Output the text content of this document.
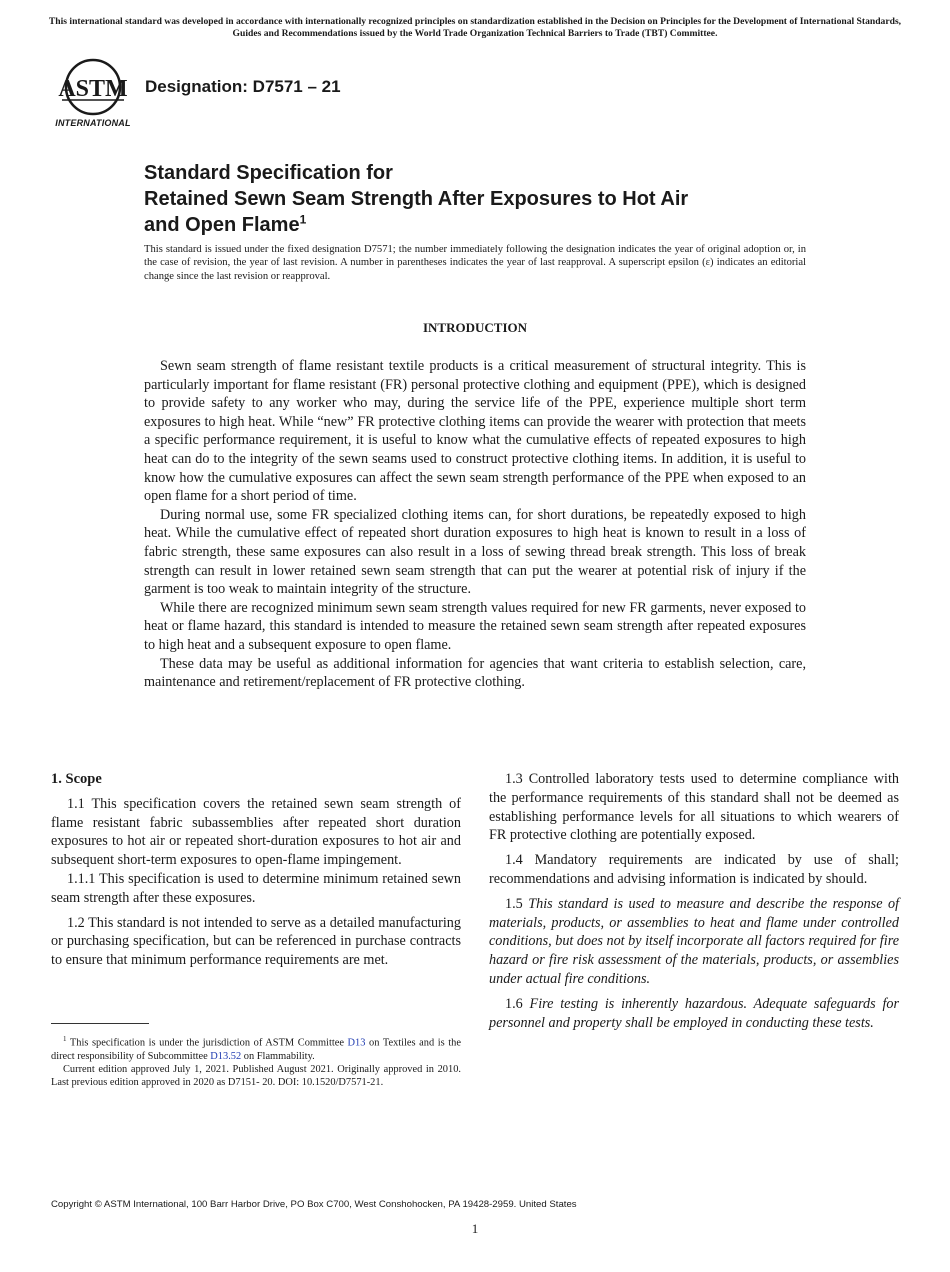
This international standard was developed in accordance with internationally recognized principles on standardization established in the Decision on Principles for the Development of International Standards, Guides and Recommendations issued by the World Trade Organization Technical Barriers to Trade (TBT) Committee.
ASTM
INTERNATIONAL
Designation: D7571 – 21
Standard Specification for
Retained Sewn Seam Strength After Exposures to Hot Air
and Open Flame$^1$
This standard is issued under the fixed designation D7571; the number immediately following the designation indicates the year of original adoption or, in the case of revision, the year of last revision. A number in parentheses indicates the year of last reapproval. A superscript epsilon (ε) indicates an editorial change since the last revision or reapproval.
INTRODUCTION

Sewn seam strength of flame resistant textile products is a critical measurement of structural integrity. This is particularly important for flame resistant (FR) personal protective clothing and equipment (PPE), which is designed to provide safety to any worker who may, during the service life of the PPE, experience multiple short term exposures to high heat. While “new” FR protective clothing items can provide the wearer with protection that meets a specific performance requirement, it is useful to know what the cumulative effects of repeated exposures to high heat can do to the integrity of the sewn seams used to construct protective clothing items. In addition, it is useful to know how the cumulative exposures can affect the sewn seam strength performance of the PPE when exposed to an open flame for a short period of time.

During normal use, some FR specialized clothing items can, for short durations, be repeatedly exposed to high heat. While the cumulative effect of repeated short duration exposures to high heat is known to result in a loss of fabric strength, these same exposures can also result in a loss of sewing thread break strength. This loss of break strength can result in lower retained sewn seam strength that can put the wearer at potential risk of injury if the garment is too weak to maintain integrity of the structure.

While there are recognized minimum sewn seam strength values required for new FR garments, never exposed to heat or flame hazard, this standard is intended to measure the retained sewn seam strength after repeated exposures to high heat and a subsequent exposure to open flame.

These data may be useful as additional information for agencies that want criteria to establish selection, care, maintenance and retirement/replacement of FR protective clothing.

1. Scope

1.1 This specification covers the retained sewn seam strength of flame resistant fabric subassemblies after repeated short duration exposures to hot air or repeated short-duration exposures to hot air and subsequent short-term exposures to open-flame impingement.

1.1.1 This specification is used to determine minimum retained sewn seam strength after these exposures.

1.2 This standard is not intended to serve as a detailed manufacturing or purchasing specification, but can be referenced in purchase contracts to ensure that minimum performance requirements are met.

1.3 Controlled laboratory tests used to determine compliance with the performance requirements of this standard shall not be deemed as establishing performance levels for all situations to which wearers of FR protective clothing are potentially exposed.

1.4 Mandatory requirements are indicated by use of shall; recommendations and advising information is indicated by should.

1.5 This standard is used to measure and describe the response of materials, products, or assemblies to heat and flame under controlled conditions, but does not by itself incorporate all factors required for fire hazard or fire risk assessment of the materials, products, or assemblies under actual fire conditions.

1.6 Fire testing is inherently hazardous. Adequate safeguards for personnel and property shall be employed in conducting these tests.

$^1$ This specification is under the jurisdiction of ASTM Committee D13 on Textiles and is the direct responsibility of Subcommittee D13.52 on Flammability.

Current edition approved July 1, 2021. Published August 2021. Originally approved in 2010. Last previous edition approved in 2020 as D7151- 20. DOI: 10.1520/D7571-21.

Copyright © ASTM International, 100 Barr Harbor Drive, PO Box C700, West Conshohocken, PA 19428-2959. United States
1
